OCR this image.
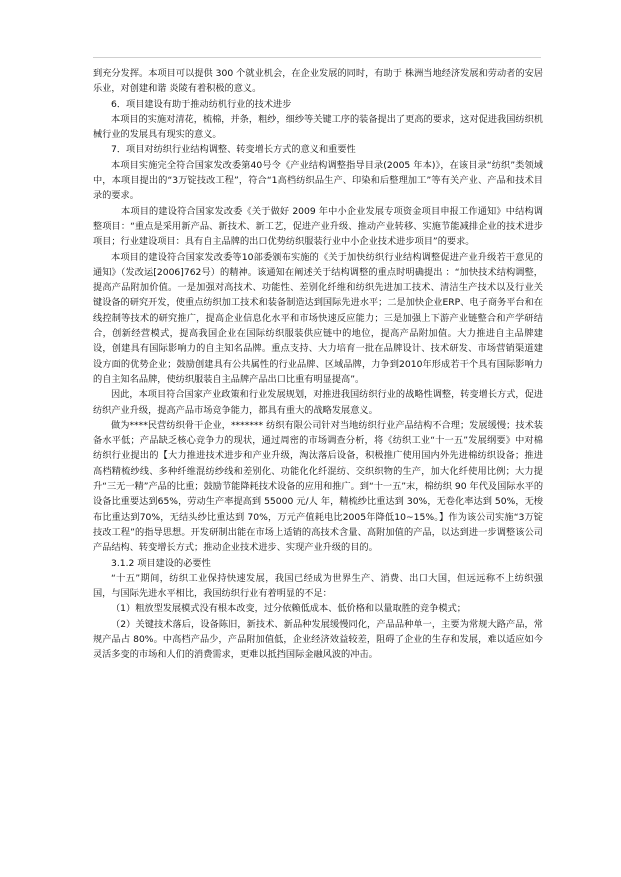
到充分发挥。本项目可以提供 300 个就业机会，在企业发展的同时，有助于 株洲当地经济发展和劳动者的安居乐业，对创建和谐 炎陵有着积极的意义。

6．项目建设有助于推动纺机行业的技术进步

本项目的实施对清花，梳棉，并条，粗纱，细纱等关键工序的装备提出了更高的要求，这对促进我国纺织机械行业的发展具有现实的意义。

7．项目对纺织行业结构调整、转变增长方式的意义和重要性

本项目实施完全符合国家发改委第40号令《产业结构调整指导目录(2005 年本)》，在该目录“纺织”类领域中，本项目提出的“3万锭技改工程”，符合“1高档纺织品生产、印染和后整理加工”等有关产业、产品和技术目录的要求。

本项目的建设符合国家发改委《关于做好 2009 年中小企业发展专项资金项目申报工作通知》中结构调整项目：“重点是采用新产品、新技术、新工艺，促进产业升级、推动产业转移、实施节能减排企业的技术进步项目；行业建设项目：具有自主品牌的出口优势纺织服装行业中小企业技术进步项目”的要求。

本项目的建设符合国家发改委等10部委颁布实施的《关于加快纺织行业结构调整促进产业升级若干意见的通知》（发改运[2006]762号）的精神。该通知在阐述关于结构调整的重点时明确提出 ：“加快技术结构调整，提高产品附加价值。一是加强对高技术、功能性、差别化纤维和纺织先进加工技术、清洁生产技术以及行业关键设备的研究开发，使重点纺织加工技术和装备制造达到国际先进水平；二是加快企业ERP、电子商务平台和在线控制等技术的研究推广，提高企业信息化水平和市场快速反应能力；三是加强上下游产业链整合和产学研结合，创新经营模式，提高我国企业在国际纺织服装供应链中的地位，提高产品附加值。大力推进自主品牌建设，创建具有国际影响力的自主知名品牌。重点支持、大力培育一批在品牌设计、技术研发、市场营销渠道建设方面的优势企业；鼓励创建具有公共属性的行业品牌、区域品牌，力争到2010年形成若干个具有国际影响力的自主知名品牌，使纺织服装自主品牌产品出口比重有明显提高”。

因此，本项目符合国家产业政策和行业发展规划，对推进我国纺织行业的战略性调整，转变增长方式，促进纺织产业升级，提高产品市场竞争能力，都具有重大的战略发展意义。

做为****民营纺织骨干企业，******* 纺织有限公司针对当地纺织行业产品结构不合理；发展缓慢；技术装备水平低；产品缺乏核心竞争力的现状，通过周密的市场调查分析，将《纺织工业“十一五”发展纲要》中对棉纺织行业提出的【大力推进技术进步和产业升级，淘汰落后设备，积极推广使用国内外先进棉纺织设备；推进高档精梳纱线、多种纤维混纺纱线和差别化、功能化化纤混纺、交织织物的生产，加大化纤使用比例；大力提升“三无一精”产品的比重；鼓励节能降耗技术设备的应用和推广。到“十一五”末，棉纺织 90 年代及国际水平的设备比重要达到65%，劳动生产率提高到 55000 元/人 年，精梳纱比重达到 30%，无卷化率达到 50%，无梭布比重达到70%，无结头纱比重达到 70%，万元产值耗电比2005年降低10~15%。】作为该公司实施“3万锭技改工程”的指导思想。开发研制出能在市场上适销的高技术含量、高附加值的产品，以达到进一步调整该公司产品结构、转变增长方式；推动企业技术进步、实现产业升级的目的。

3.1.2 项目建设的必要性

“十五”期间，纺织工业保持快速发展，我国已经成为世界生产、消费、出口大国，但远远称不上纺织强国，与国际先进水平相比，我国纺织行业有着明显的不足：

（1）粗放型发展模式没有根本改变，过分依赖低成本、低价格和以量取胜的竞争模式；

（2）关键技术落后，设备陈旧，新技术、新品种发展缓慢同化，产品品种单一，主要为常规大路产品，常规产品占 80%。中高档产品少，产品附加值低，企业经济效益较差，阻碍了企业的生存和发展，难以适应如今灵活多变的市场和人们的消费需求，更难以抵挡国际金融风波的冲击。
